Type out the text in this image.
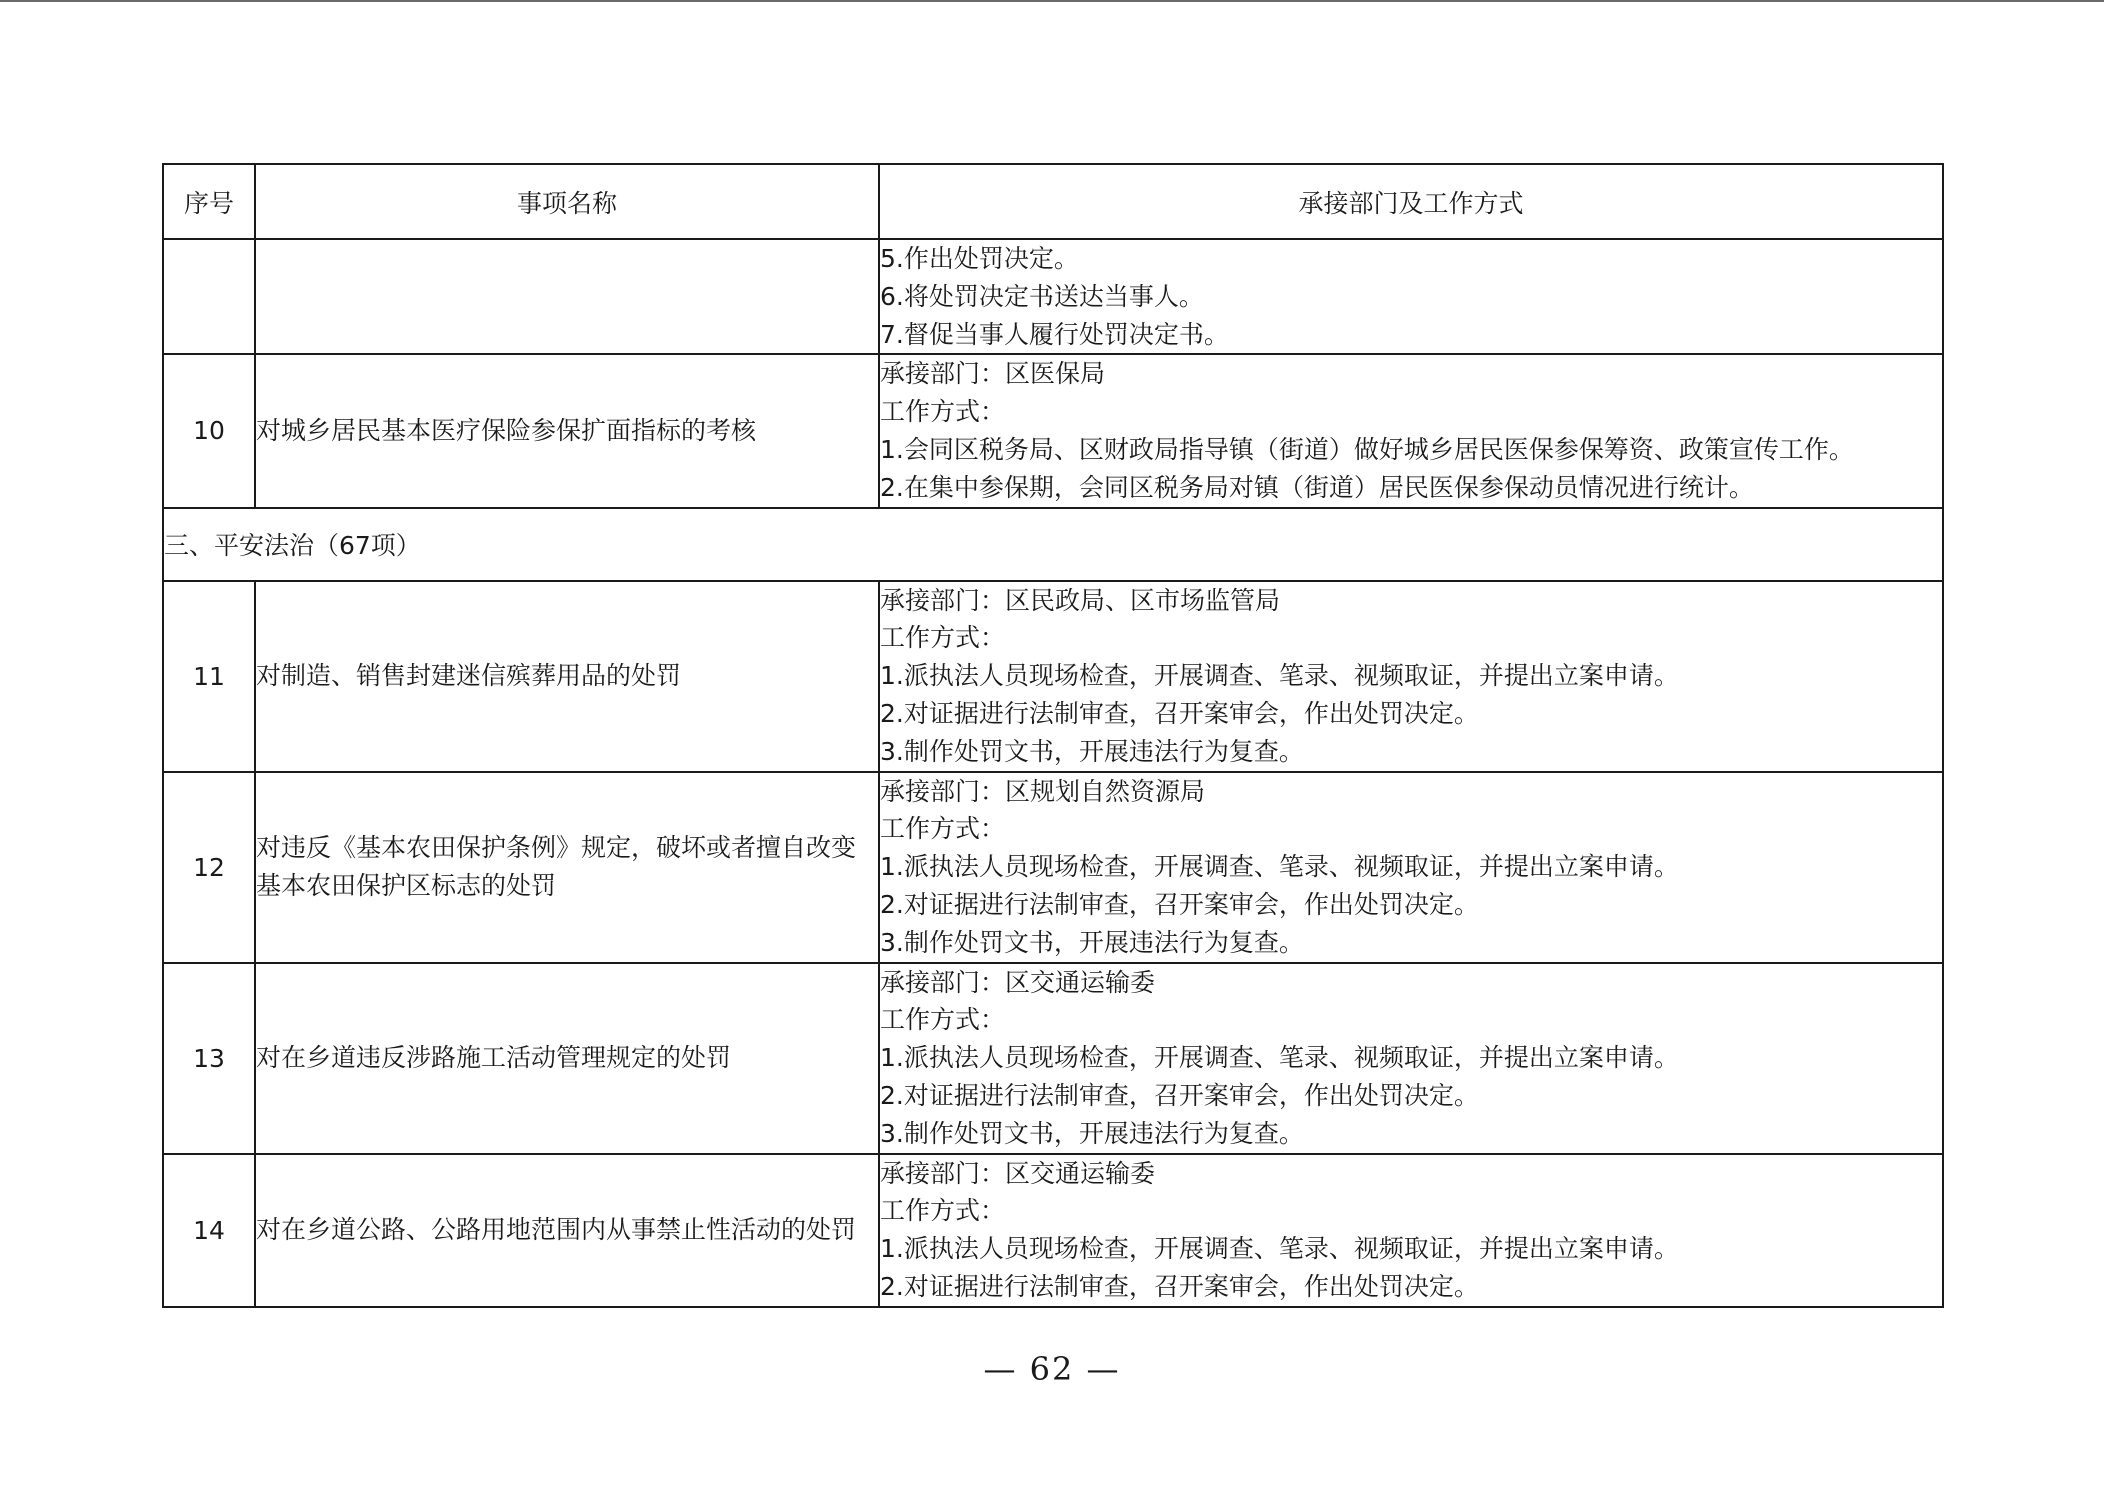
序号	事项名称	承接部门及工作方式

		5.作出处罚决定。
6.将处罚决定书送达当事人。
7.督促当事人履行处罚决定书。

10	对城乡居民基本医疗保险参保扩面指标的考核	承接部门：区医保局
工作方式：
1.会同区税务局、区财政局指导镇（街道）做好城乡居民医保参保筹资、政策宣传工作。
2.在集中参保期，会同区税务局对镇（街道）居民医保参保动员情况进行统计。

三、平安法治（67项）		
11	对制造、销售封建迷信殡葬用品的处罚	承接部门：区民政局、区市场监管局
工作方式：
1.派执法人员现场检查，开展调查、笔录、视频取证，并提出立案申请。
2.对证据进行法制审查，召开案审会，作出处罚决定。
3.制作处罚文书，开展违法行为复查。

12	对违反《基本农田保护条例》规定，破坏或者擅自改变基本农田保护区标志的处罚	承接部门：区规划自然资源局
工作方式：
1.派执法人员现场检查，开展调查、笔录、视频取证，并提出立案申请。
2.对证据进行法制审查，召开案审会，作出处罚决定。
3.制作处罚文书，开展违法行为复查。

13	对在乡道违反涉路施工活动管理规定的处罚	承接部门：区交通运输委
工作方式：
1.派执法人员现场检查，开展调查、笔录、视频取证，并提出立案申请。
2.对证据进行法制审查，召开案审会，作出处罚决定。
3.制作处罚文书，开展违法行为复查。

14	对在乡道公路、公路用地范围内从事禁止性活动的处罚	承接部门：区交通运输委
工作方式：
1.派执法人员现场检查，开展调查、笔录、视频取证，并提出立案申请。
2.对证据进行法制审查，召开案审会，作出处罚决定。
— 62 —
